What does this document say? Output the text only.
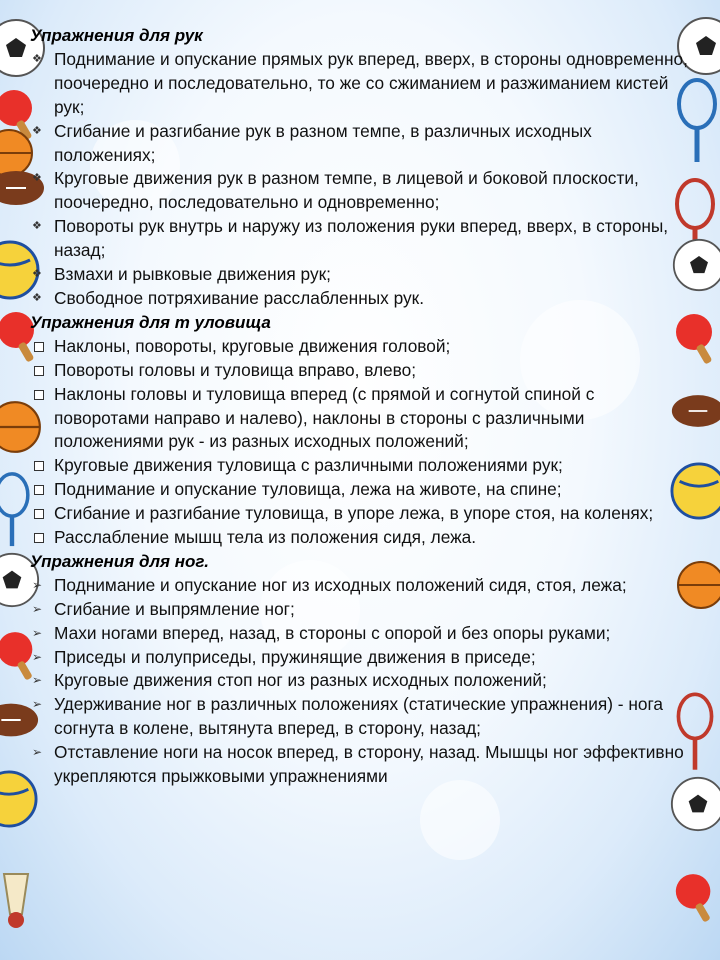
Упражнения для рук
❖ Поднимание и опускание прямых рук вперед, вверх, в стороны одновременно, поочередно и последовательно, то же со сжиманием и разжиманием кистей рук;
❖ Сгибание и разгибание рук в разном темпе, в различных исходных положениях;
❖ Круговые движения рук в разном темпе, в лицевой и боковой плоскости, поочередно, последовательно и одновременно;
❖ Повороты рук внутрь и наружу из положения руки вперед, вверх, в стороны, назад;
❖ Взмахи и рывковые движения рук;
❖ Свободное потряхивание расслабленных рук.
Упражнения для т уловища
Наклоны, повороты, круговые движения головой;
Повороты головы и туловища вправо, влево;
Наклоны головы и туловища вперед (с прямой и согнутой спиной с поворотами направо и налево), наклоны в стороны с различными положениями рук - из разных исходных положений;
Круговые движения туловища с различными положениями рук;
Поднимание и опускание туловища, лежа на животе, на спине;
Сгибание и разгибание туловища, в упоре лежа, в упоре стоя, на коленях;
Расслабление мышц тела из положения сидя, лежа.
Упражнения для ног.
➢ Поднимание и опускание ног из исходных положений сидя, стоя, лежа;
➢ Сгибание и выпрямление ног;
➢ Махи ногами вперед, назад, в стороны с опорой и без опоры руками;
➢ Приседы и полуприседы, пружинящие движения в приседе;
➢ Круговые движения стоп ног из разных исходных положений;
➢ Удерживание ног в различных положениях (статические упражнения) - нога согнута в колене, вытянута вперед, в сторону, назад;
➢ Отставление ноги на носок вперед, в сторону, назад. Мышцы ног эффективно укрепляются прыжковыми упражнениями
